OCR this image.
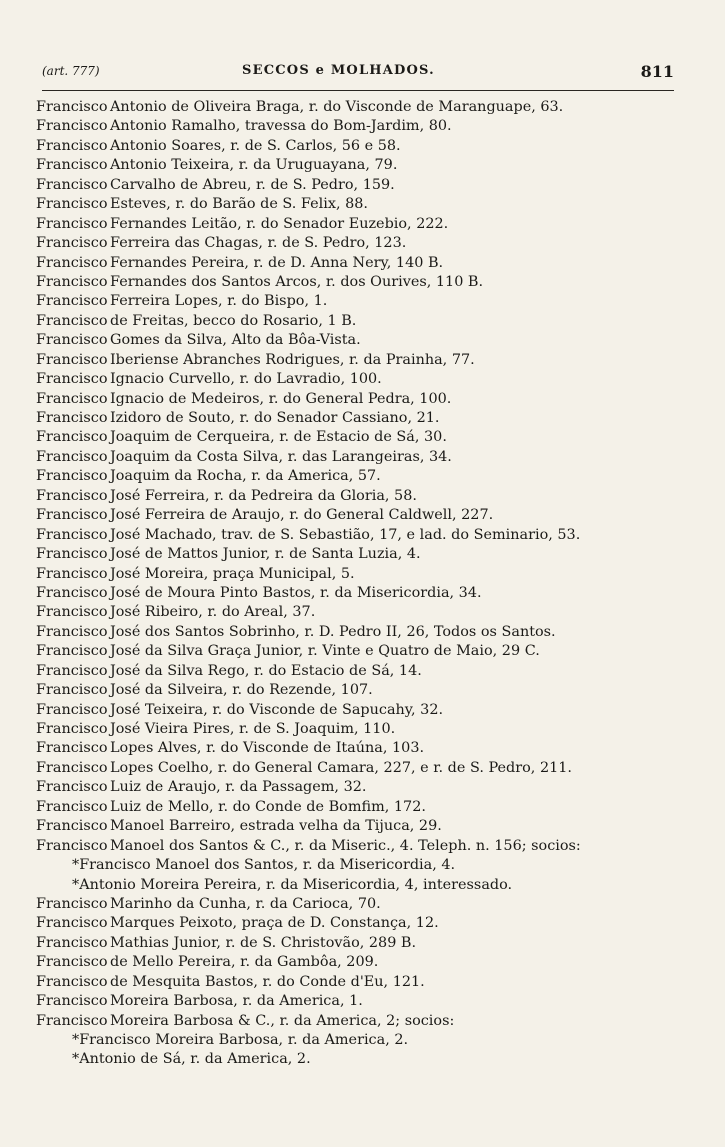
(art. 777)	SECCOS e MOLHADOS.	811
Francisco Antonio de Oliveira Braga, r. do Visconde de Maranguape, 63.
Francisco Antonio Ramalho, travessa do Bom-Jardim, 80.
Francisco Antonio Soares, r. de S. Carlos, 56 e 58.
Francisco Antonio Teixeira, r. da Uruguayana, 79.
Francisco Carvalho de Abreu, r. de S. Pedro, 159.
Francisco Esteves, r. do Barão de S. Felix, 88.
Francisco Fernandes Leitão, r. do Senador Euzebio, 222.
Francisco Ferreira das Chagas, r. de S. Pedro, 123.
Francisco Fernandes Pereira, r. de D. Anna Nery, 140 B.
Francisco Fernandes dos Santos Arcos, r. dos Ourives, 110 B.
Francisco Ferreira Lopes, r. do Bispo, 1.
Francisco de Freitas, becco do Rosario, 1 B.
Francisco Gomes da Silva, Alto da Bôa-Vista.
Francisco Iberiense Abranches Rodrigues, r. da Prainha, 77.
Francisco Ignacio Curvello, r. do Lavradio, 100.
Francisco Ignacio de Medeiros, r. do General Pedra, 100.
Francisco Izidoro de Souto, r. do Senador Cassiano, 21.
Francisco Joaquim de Cerqueira, r. de Estacio de Sá, 30.
Francisco Joaquim da Costa Silva, r. das Larangeiras, 34.
Francisco Joaquim da Rocha, r. da America, 57.
Francisco José Ferreira, r. da Pedreira da Gloria, 58.
Francisco José Ferreira de Araujo, r. do General Caldwell, 227.
Francisco José Machado, trav. de S. Sebastião, 17, e lad. do Seminario, 53.
Francisco José de Mattos Junior, r. de Santa Luzia, 4.
Francisco José Moreira, praça Municipal, 5.
Francisco José de Moura Pinto Bastos, r. da Misericordia, 34.
Francisco José Ribeiro, r. do Areal, 37.
Francisco José dos Santos Sobrinho, r. D. Pedro II, 26, Todos os Santos.
Francisco José da Silva Graça Junior, r. Vinte e Quatro de Maio, 29 C.
Francisco José da Silva Rego, r. do Estacio de Sá, 14.
Francisco José da Silveira, r. do Rezende, 107.
Francisco José Teixeira, r. do Visconde de Sapucahy, 32.
Francisco José Vieira Pires, r. de S. Joaquim, 110.
Francisco Lopes Alves, r. do Visconde de Itaúna, 103.
Francisco Lopes Coelho, r. do General Camara, 227, e r. de S. Pedro, 211.
Francisco Luiz de Araujo, r. da Passagem, 32.
Francisco Luiz de Mello, r. do Conde de Bomfim, 172.
Francisco Manoel Barreiro, estrada velha da Tijuca, 29.
Francisco Manoel dos Santos & C., r. da Miseric., 4. Teleph. n. 156; socios:
*Francisco Manoel dos Santos, r. da Misericordia, 4.
*Antonio Moreira Pereira, r. da Misericordia, 4, interessado.
Francisco Marinho da Cunha, r. da Carioca, 70.
Francisco Marques Peixoto, praça de D. Constança, 12.
Francisco Mathias Junior, r. de S. Christovão, 289 B.
Francisco de Mello Pereira, r. da Gambôa, 209.
Francisco de Mesquita Bastos, r. do Conde d'Eu, 121.
Francisco Moreira Barbosa, r. da America, 1.
Francisco Moreira Barbosa & C., r. da America, 2; socios:
*Francisco Moreira Barbosa, r. da America, 2.
*Antonio de Sá, r. da America, 2.
